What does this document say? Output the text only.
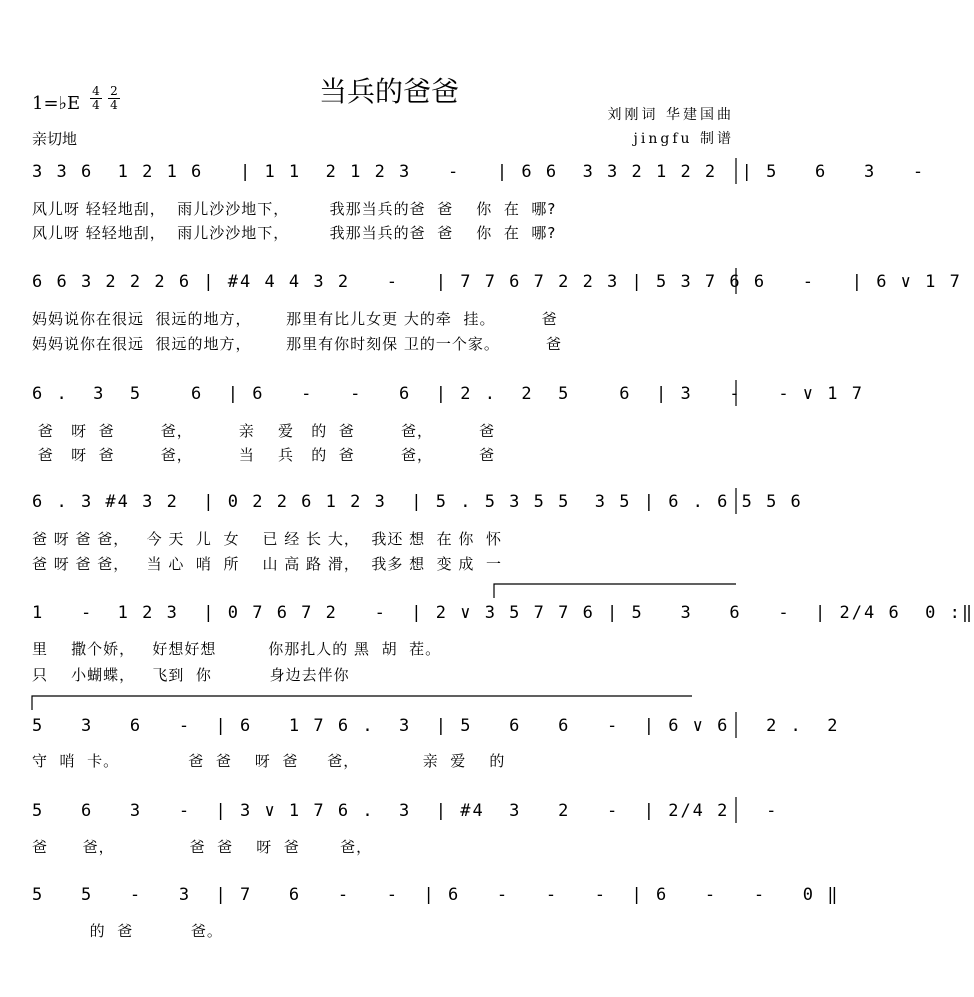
当兵的爸爸
1=♭E
4
4
2
4
亲切地
刘刚词 华建国曲
jingfu 制谱
3 3 6  1 2 1 6   | 1 1  2 1 2 3   -   | 6 6  3 3 2 1 2 2  | 5   6   3   -
风儿呀 轻轻地刮，  雨儿沙沙地下，       我那当兵的爸  爸    你  在  哪?
风儿呀 轻轻地刮，  雨儿沙沙地下，       我那当兵的爸  爸    你  在  哪?
6 6 3 2 2 2 6 | #4 4 4 3 2   -   | 7 7 6 7 2 2 3 | 5 3 7 6 6   -   | 6 ∨ 1 7
妈妈说你在很远  很远的地方，      那里有比儿女更 大的牵  挂。        爸
妈妈说你在很远  很远的地方，      那里有你时刻保 卫的一个家。        爸
6 .  3  5    6  | 6   -   -   6  | 2 .  2  5    6  | 3   -   - ∨ 1 7
爸   呀  爸        爸，        亲    爱   的  爸        爸，        爸
爸   呀  爸        爸，        当    兵   的  爸        爸，        爸
6 . 3 #4 3 2  | 0 2 2 6 1 2 3  | 5 . 5 3 5 5  3 5 | 6 . 6 5 5 6
爸 呀 爸 爸，   今 天  儿  女    已 经 长 大，  我还 想  在 你  怀
爸 呀 爸 爸，   当 心  哨  所    山 高 路 滑，  我多 想  变 成  一
1   -  1 2 3  | 0 7 6 7 2   -  | 2 ∨ 3 5 7 7 6 | 5   3   6   -  | 2/4 6  0 :‖
里    撒个娇，   好想好想         你那扎人的 黑  胡  茬。
只    小蝴蝶，   飞到  你          身边去伴你
5   3   6   -  | 6   1 7 6 .  3  | 5   6   6   -  | 6 ∨ 6   2 .  2
守  哨  卡。            爸  爸    呀  爸     爸，           亲  爱    的
5   6   3   -  | 3 ∨ 1 7 6 .  3  | #4  3   2   -  | 2/4 2   -
爸      爸，             爸  爸    呀  爸       爸，
5   5   -   3  | 7   6   -   -  | 6   -   -   -  | 6   -   -   0 ‖
的  爸          爸。
